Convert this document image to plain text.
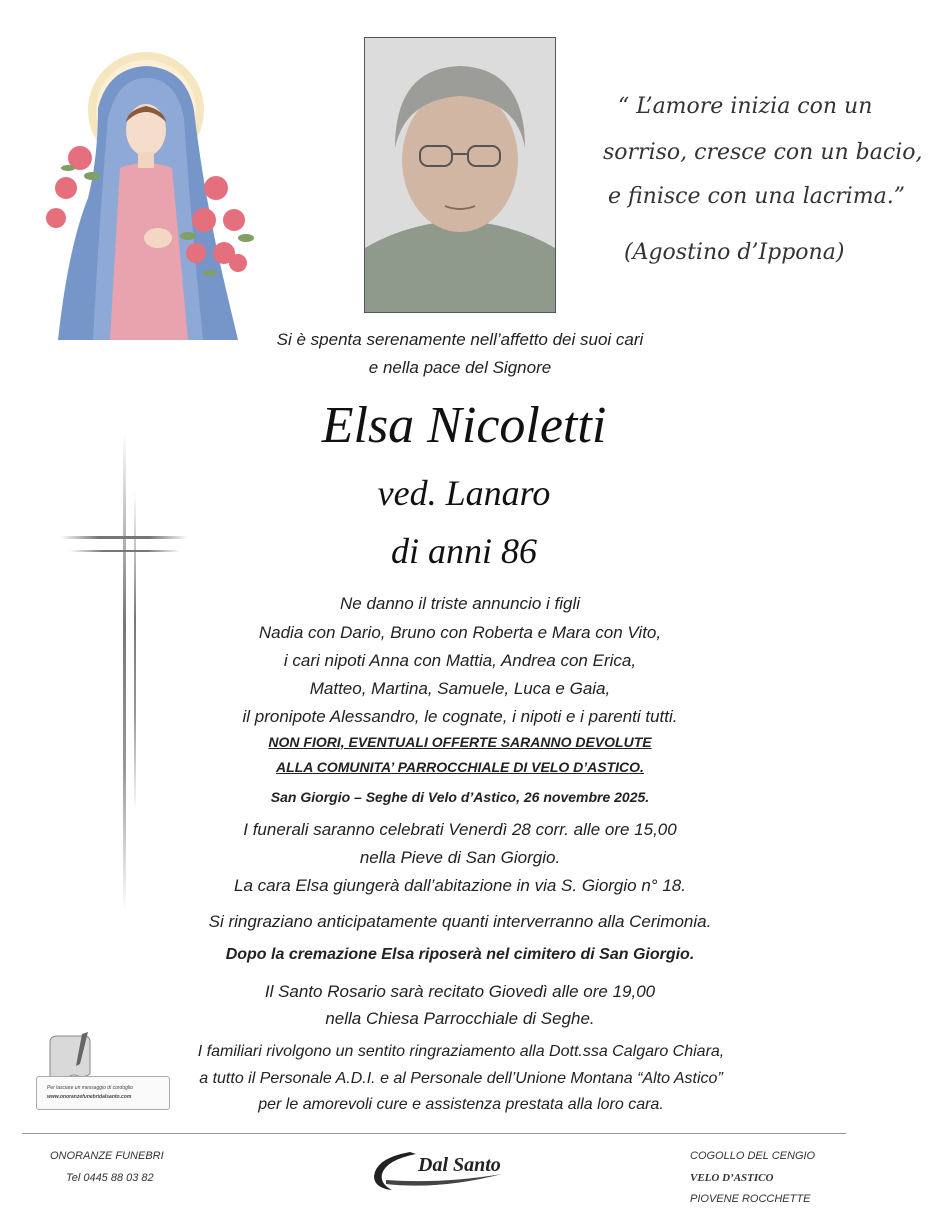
“ L’amore inizia con un
sorriso, cresce con un bacio,
e finisce con una lacrima.”
(Agostino d’Ippona)
Si è spenta serenamente nell’affetto dei suoi cari
e nella pace del Signore
Elsa Nicoletti
ved. Lanaro
di anni 86
Ne danno il triste annuncio i figli
Nadia con Dario, Bruno con Roberta e Mara con Vito,
i cari nipoti Anna con Mattia, Andrea con Erica,
Matteo, Martina, Samuele, Luca e Gaia,
il pronipote Alessandro, le cognate, i nipoti e i parenti tutti.
NON FIORI, EVENTUALI OFFERTE SARANNO DEVOLUTE
ALLA COMUNITA’ PARROCCHIALE DI VELO D’ASTICO.
San Giorgio – Seghe di Velo d’Astico, 26 novembre 2025.
I funerali saranno celebrati Venerdì 28 corr. alle ore 15,00
nella Pieve di San Giorgio.
La cara Elsa giungerà dall’abitazione in via S. Giorgio n° 18.
Si ringraziano anticipatamente quanti interverranno alla Cerimonia.
Dopo la cremazione Elsa riposerà nel cimitero di San Giorgio.
Il Santo Rosario sarà recitato Giovedì alle ore 19,00
nella Chiesa Parrocchiale di Seghe.
I familiari rivolgono un sentito ringraziamento alla Dott.ssa Calgaro Chiara,
a tutto il Personale A.D.I. e al Personale dell’Unione Montana “Alto Astico”
per le amorevoli cure e assistenza prestata alla loro cara.
Per lasciare un messaggio di cordoglio
www.onoranzefunebridalsanto.com
ONORANZE FUNEBRI
Tel 0445 88 03 82
Dal Santo	COGOLLO DEL CENGIO
VELO D’ASTICO
PIOVENE ROCCHETTE
